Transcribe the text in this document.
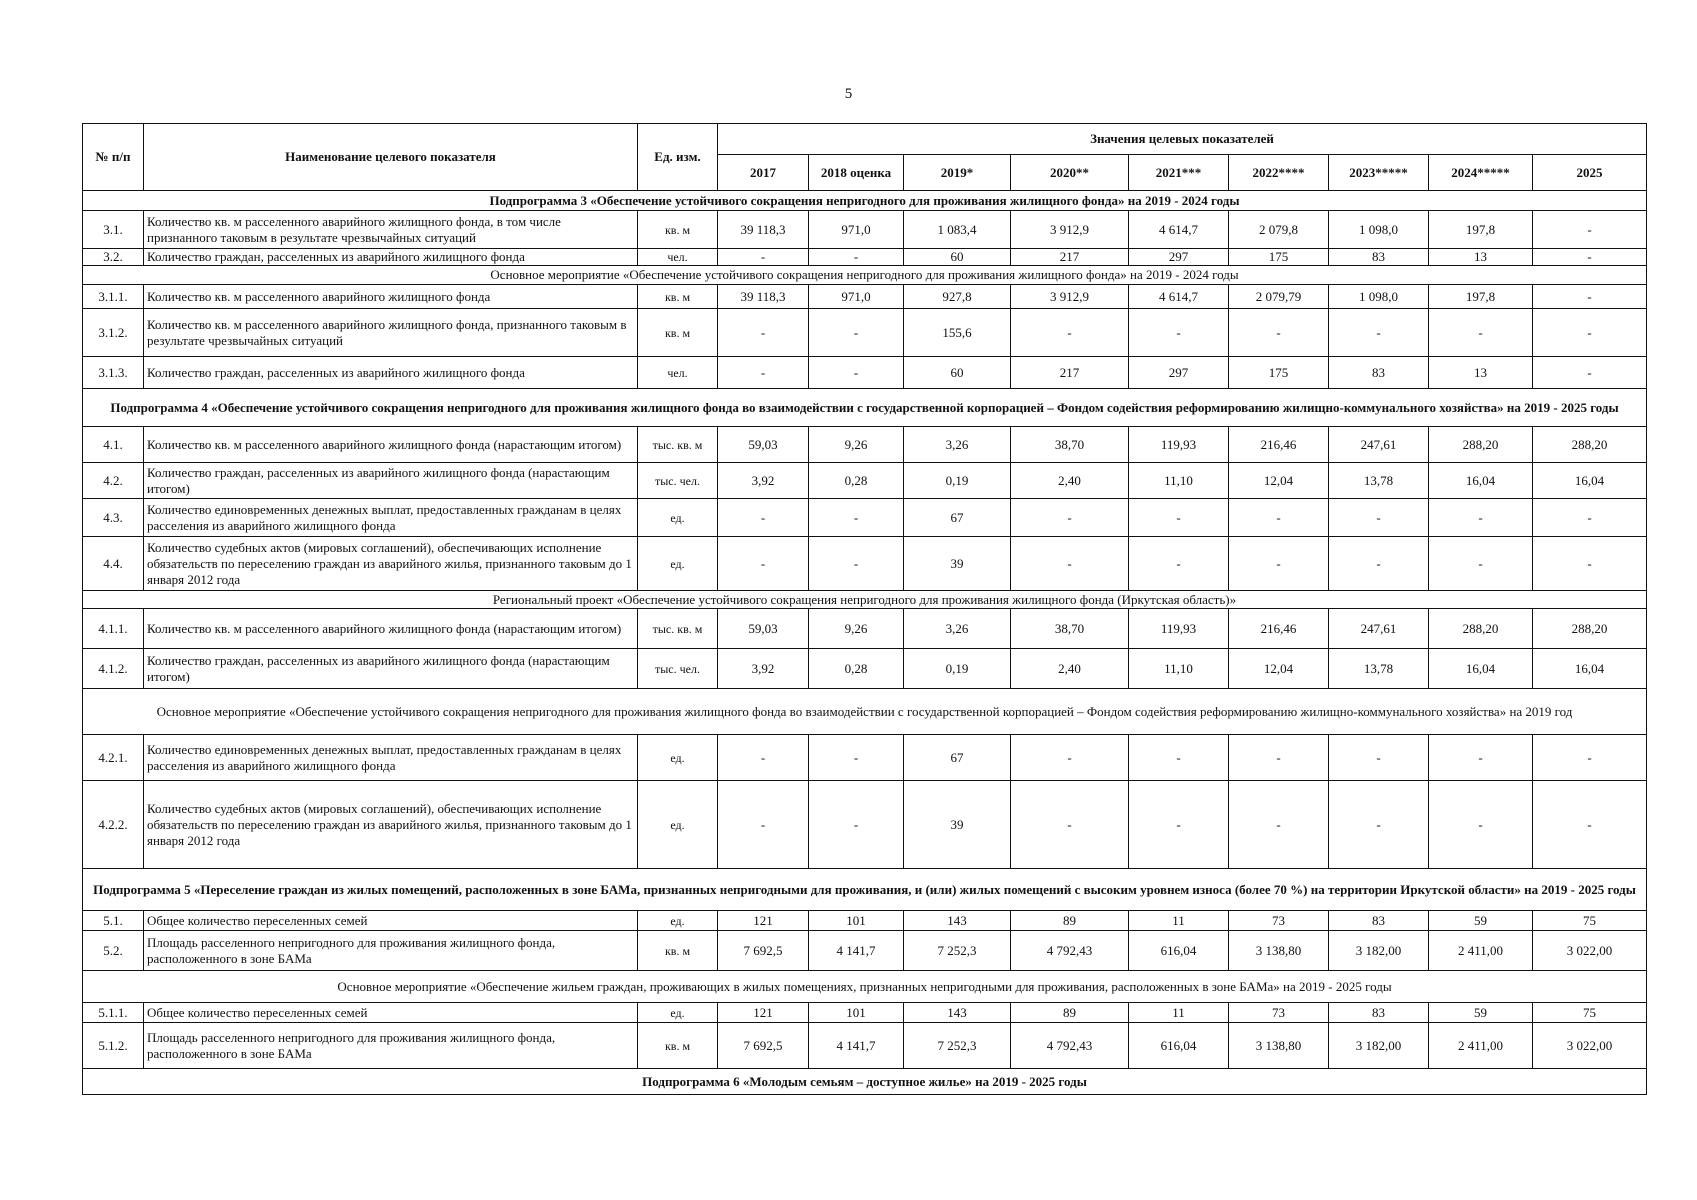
5
№ п/п	Наименование целевого показателя	Ед. изм.	Значения целевых показателей								
			2017	2018 оценка	2019*	2020**	2021***	2022****	2023*****	2024*****	2025
Подпрограмма 3 «Обеспечение устойчивого сокращения непригодного для проживания жилищного фонда» на 2019 - 2024 годы											
3.1.	Количество кв. м расселенного аварийного жилищного фонда, в том числе признанного таковым в результате чрезвычайных ситуаций	кв. м	39 118,3	971,0	1 083,4	3 912,9	4 614,7	2 079,8	1 098,0	197,8	-
3.2.	Количество граждан, расселенных из аварийного жилищного фонда	чел.	-	-	60	217	297	175	83	13	-
Основное мероприятие «Обеспечение устойчивого сокращения непригодного для проживания жилищного фонда» на 2019 - 2024 годы											
3.1.1.	Количество кв. м расселенного аварийного жилищного фонда	кв. м	39 118,3	971,0	927,8	3 912,9	4 614,7	2 079,79	1 098,0	197,8	-
3.1.2.	Количество кв. м расселенного аварийного жилищного фонда, признанного таковым в результате чрезвычайных ситуаций	кв. м	-	-	155,6	-	-	-	-	-	-
3.1.3.	Количество граждан, расселенных из аварийного жилищного фонда	чел.	-	-	60	217	297	175	83	13	-
Подпрограмма 4 «Обеспечение устойчивого сокращения непригодного для проживания жилищного фонда во взаимодействии с государственной корпорацией – Фондом содействия реформированию жилищно-коммунального хозяйства» на 2019 - 2025 годы											
4.1.	Количество кв. м расселенного аварийного жилищного фонда (нарастающим итогом)	тыс. кв. м	59,03	9,26	3,26	38,70	119,93	216,46	247,61	288,20	288,20
4.2.	Количество граждан, расселенных из аварийного жилищного фонда (нарастающим итогом)	тыс. чел.	3,92	0,28	0,19	2,40	11,10	12,04	13,78	16,04	16,04
4.3.	Количество единовременных денежных выплат, предоставленных гражданам в целях расселения из аварийного жилищного фонда	ед.	-	-	67	-	-	-	-	-	-
4.4.	Количество судебных актов (мировых соглашений), обеспечивающих исполнение обязательств по переселению граждан из аварийного жилья, признанного таковым до 1 января 2012 года	ед.	-	-	39	-	-	-	-	-	-
Региональный проект «Обеспечение устойчивого сокращения непригодного для проживания жилищного фонда (Иркутская область)»											
4.1.1.	Количество кв. м расселенного аварийного жилищного фонда (нарастающим итогом)	тыс. кв. м	59,03	9,26	3,26	38,70	119,93	216,46	247,61	288,20	288,20
4.1.2.	Количество граждан, расселенных из аварийного жилищного фонда (нарастающим итогом)	тыс. чел.	3,92	0,28	0,19	2,40	11,10	12,04	13,78	16,04	16,04
Основное мероприятие «Обеспечение устойчивого сокращения непригодного для проживания жилищного фонда во взаимодействии с государственной корпорацией – Фондом содействия реформированию жилищно-коммунального хозяйства» на 2019 год											
4.2.1.	Количество единовременных денежных выплат, предоставленных гражданам в целях расселения из аварийного жилищного фонда	ед.	-	-	67	-	-	-	-	-	-
4.2.2.	Количество судебных актов (мировых соглашений), обеспечивающих исполнение обязательств по переселению граждан из аварийного жилья, признанного таковым до 1 января 2012 года	ед.	-	-	39	-	-	-	-	-	-
Подпрограмма 5 «Переселение граждан из жилых помещений, расположенных в зоне БАМа, признанных непригодными для проживания, и (или) жилых помещений с высоким уровнем износа (более 70 %) на территории Иркутской области» на 2019 - 2025 годы											
5.1.	Общее количество переселенных семей	ед.	121	101	143	89	11	73	83	59	75
5.2.	Площадь расселенного непригодного для проживания жилищного фонда, расположенного в зоне БАМа	кв. м	7 692,5	4 141,7	7 252,3	4 792,43	616,04	3 138,80	3 182,00	2 411,00	3 022,00
Основное мероприятие «Обеспечение жильем граждан, проживающих в жилых помещениях, признанных непригодными для проживания, расположенных в зоне БАМа» на 2019 - 2025 годы											
5.1.1.	Общее количество переселенных семей	ед.	121	101	143	89	11	73	83	59	75
5.1.2.	Площадь расселенного непригодного для проживания жилищного фонда, расположенного в зоне БАМа	кв. м	7 692,5	4 141,7	7 252,3	4 792,43	616,04	3 138,80	3 182,00	2 411,00	3 022,00
Подпрограмма 6 «Молодым семьям – доступное жилье» на 2019 - 2025 годы											
